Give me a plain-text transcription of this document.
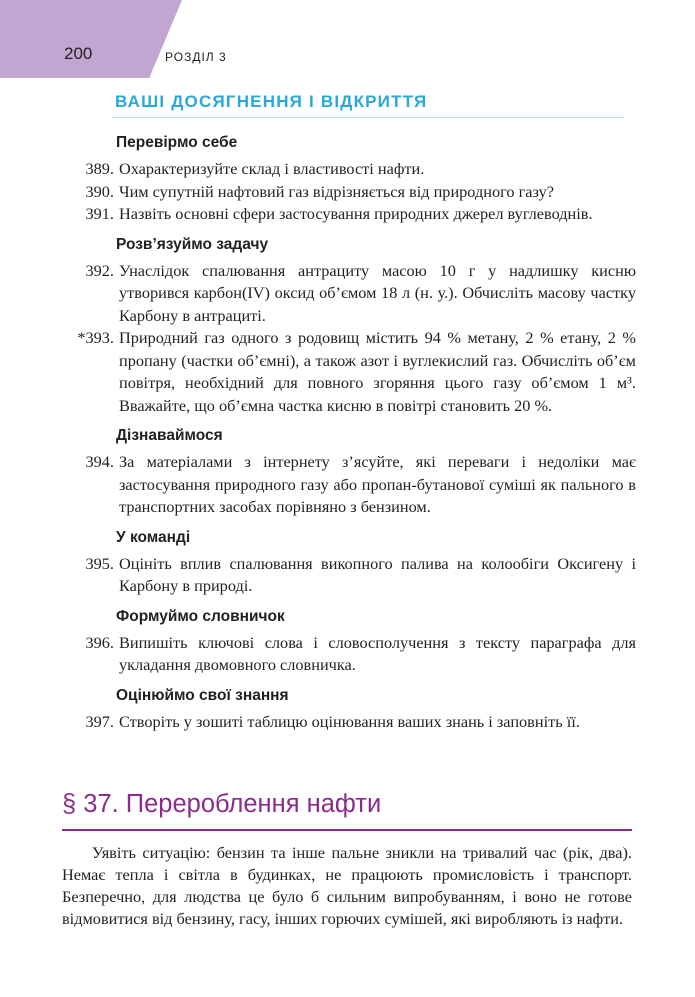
200	РОЗДІЛ 3
ВАШІ ДОСЯГНЕННЯ І ВІДКРИТТЯ
Перевірмо себе
389. Охарактеризуйте склад і властивості нафти.
390. Чим супутній нафтовий газ відрізняється від природного газу?
391. Назвіть основні сфери застосування природних джерел вуглеводнів.
Розв’язуймо задачу
392. Унаслідок спалювання антрациту масою 10 г у надлишку кисню утворився карбон(IV) оксид об’ємом 18 л (н. у.). Обчисліть масову частку Карбону в антрациті.
*393. Природний газ одного з родовищ містить 94 % метану, 2 % етану, 2 % пропану (частки об’ємні), а також азот і вуглекислий газ. Обчисліть об’єм повітря, необхідний для повного згоряння цього газу об’ємом 1 м³. Вважайте, що об’ємна частка кисню в повітрі становить 20 %.
Дізнаваймося
394. За матеріалами з інтернету з’ясуйте, які переваги і недоліки має застосування природного газу або пропан-бутанової суміші як пального в транспортних засобах порівняно з бензином.
У команді
395. Оцініть вплив спалювання викопного палива на колообіги Оксигену і Карбону в природі.
Формуймо словничок
396. Випишіть ключові слова і словосполучення з тексту параграфа для укладання двомовного словничка.
Оцінюймо свої знання
397. Створіть у зошиті таблицю оцінювання ваших знань і заповніть її.
§ 37. Перероблення нафти
Уявіть ситуацію: бензин та інше пальне зникли на тривалий час (рік, два). Немає тепла і світла в будинках, не працюють промисловість і транспорт. Безперечно, для людства це було б сильним випробуванням, і воно не готове відмовитися від бензину, гасу, інших горючих сумішей, які виробляють із нафти.
